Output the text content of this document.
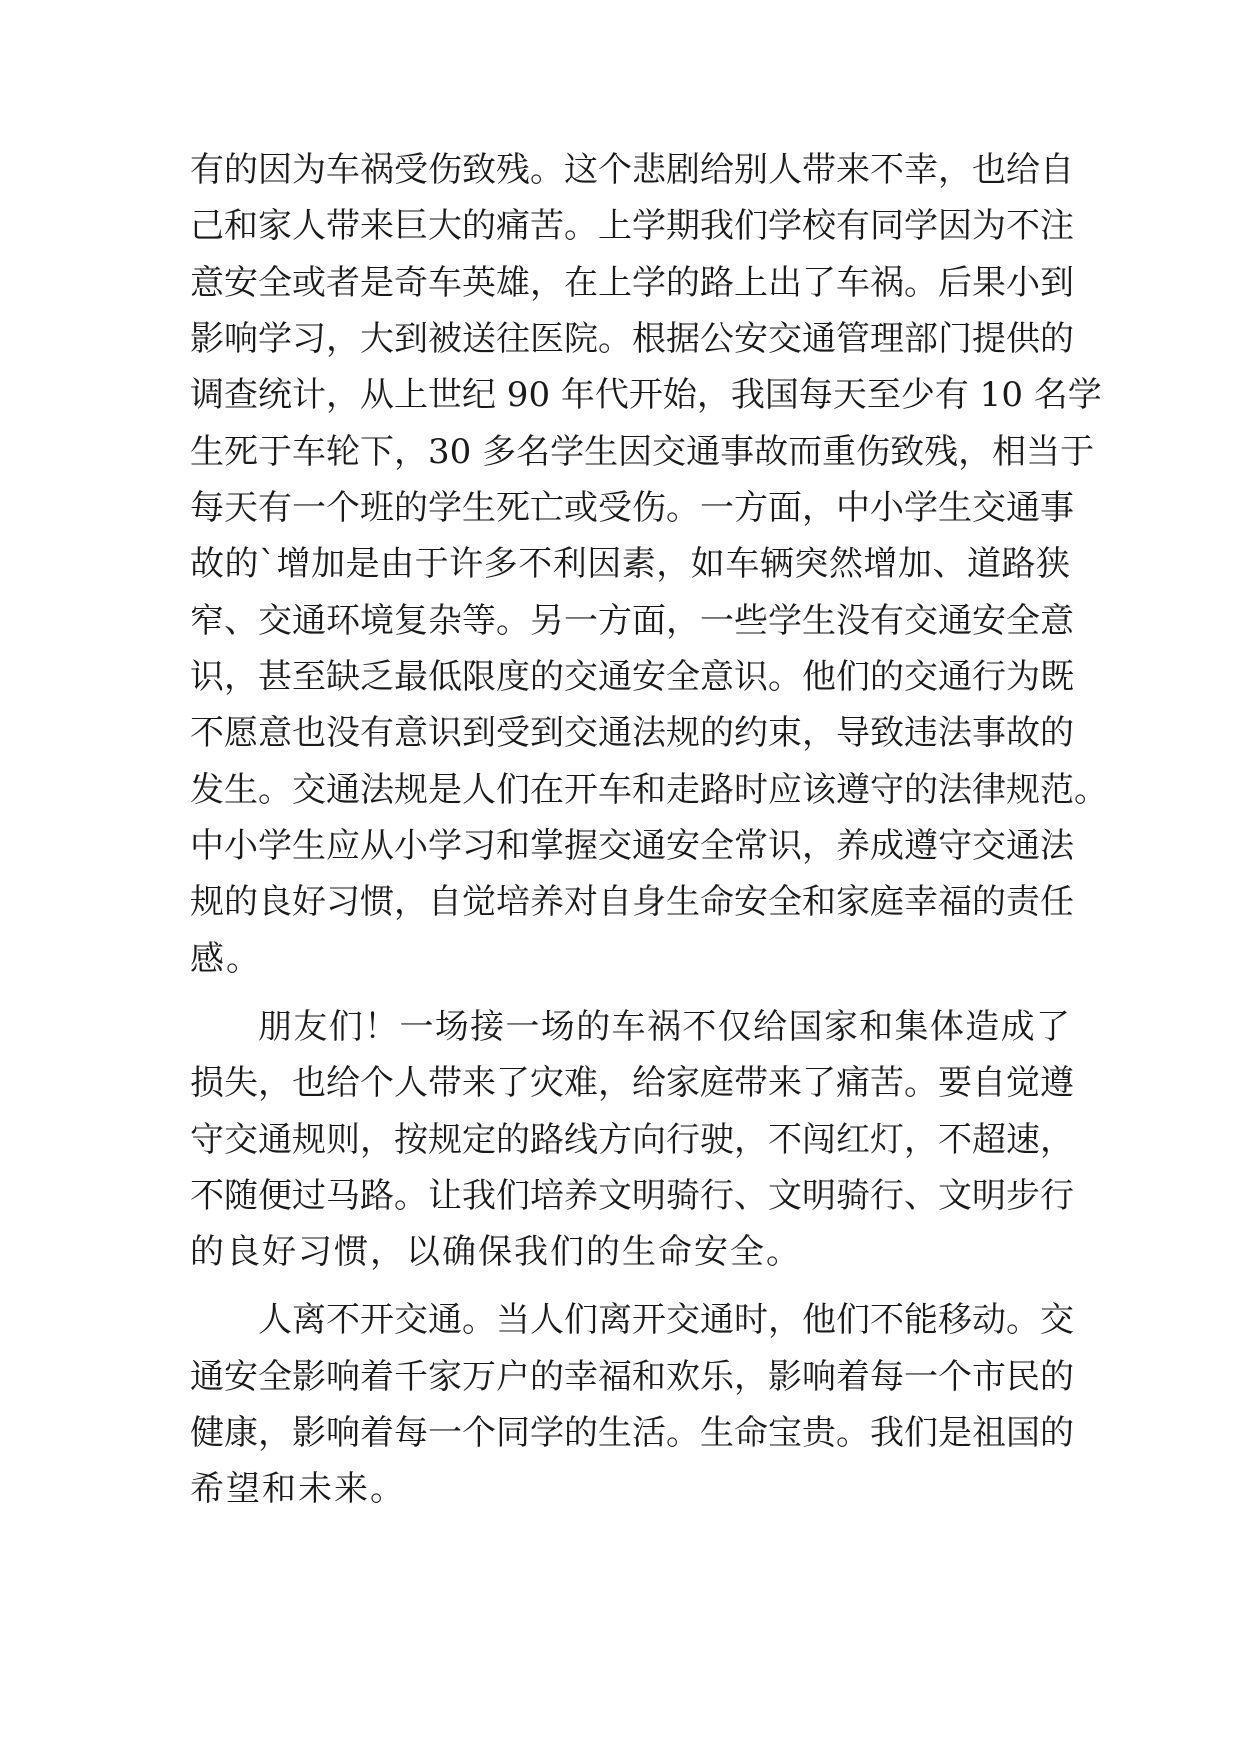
有的因为车祸受伤致残。这个悲剧给别人带来不幸，也给自

己和家人带来巨大的痛苦。上学期我们学校有同学因为不注

意安全或者是奇车英雄，在上学的路上出了车祸。后果小到

影响学习，大到被送往医院。根据公安交通管理部门提供的

调查统计，从上世纪 90 年代开始，我国每天至少有 10 名学

生死于车轮下，30 多名学生因交通事故而重伤致残，相当于

每天有一个班的学生死亡或受伤。一方面，中小学生交通事

故的`增加是由于许多不利因素，如车辆突然增加、道路狭

窄、交通环境复杂等。另一方面，一些学生没有交通安全意

识，甚至缺乏最低限度的交通安全意识。他们的交通行为既

不愿意也没有意识到受到交通法规的约束，导致违法事故的

发生。交通法规是人们在开车和走路时应该遵守的法律规范。

中小学生应从小学习和掌握交通安全常识，养成遵守交通法

规的良好习惯，自觉培养对自身生命安全和家庭幸福的责任

感。

朋友们！一场接一场的车祸不仅给国家和集体造成了

损失，也给个人带来了灾难，给家庭带来了痛苦。要自觉遵

守交通规则，按规定的路线方向行驶，不闯红灯，不超速，

不随便过马路。让我们培养文明骑行、文明骑行、文明步行

的良好习惯，以确保我们的生命安全。

人离不开交通。当人们离开交通时，他们不能移动。交

通安全影响着千家万户的幸福和欢乐，影响着每一个市民的

健康，影响着每一个同学的生活。生命宝贵。我们是祖国的

希望和未来。
